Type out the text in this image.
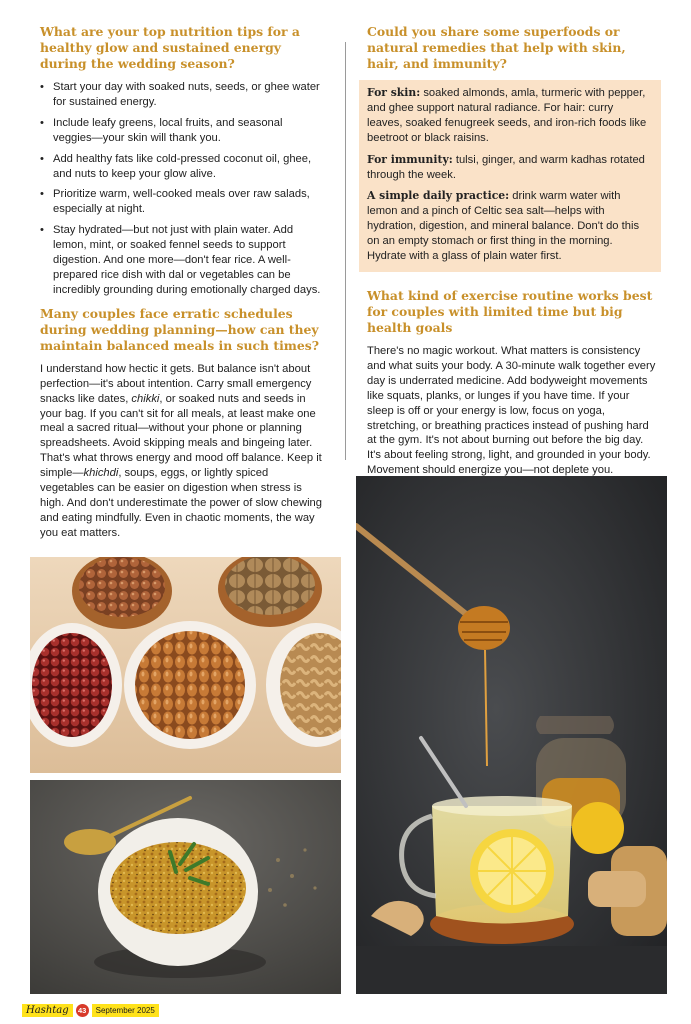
What are your top nutrition tips for a healthy glow and sustained energy during the wedding season?
• Start your day with soaked nuts, seeds, or ghee water for sustained energy.
• Include leafy greens, local fruits, and seasonal veggies—your skin will thank you.
• Add healthy fats like cold-pressed coconut oil, ghee, and nuts to keep your glow alive.
• Prioritize warm, well-cooked meals over raw salads, especially at night.
• Stay hydrated—but not just with plain water. Add lemon, mint, or soaked fennel seeds to support digestion. And one more—don't fear rice. A well-prepared rice dish with dal or vegetables can be incredibly grounding during emotionally charged days.
Many couples face erratic schedules during wedding planning—how can they maintain balanced meals in such times?

I understand how hectic it gets. But balance isn't about perfection—it's about intention. Carry small emergency snacks like dates, chikki, or soaked nuts and seeds in your bag. If you can't sit for all meals, at least make one meal a sacred ritual—without your phone or planning spreadsheets. Avoid skipping meals and bingeing later. That's what throws energy and mood off balance. Keep it simple—khichdi, soups, eggs, or lightly spiced vegetables can be easier on digestion when stress is high. And don't underestimate the power of slow chewing and eating mindfully. Even in chaotic moments, the way you eat matters.

Could you share some superfoods or natural remedies that help with skin, hair, and immunity?

For skin: soaked almonds, amla, turmeric with pepper, and ghee support natural radiance. For hair: curry leaves, soaked fenugreek seeds, and iron-rich foods like beetroot or black raisins.

For immunity: tulsi, ginger, and warm kadhas rotated through the week.

A simple daily practice: drink warm water with lemon and a pinch of Celtic sea salt—helps with hydration, digestion, and mineral balance. Don't do this on an empty stomach or first thing in the morning. Hydrate with a glass of plain water first.

What kind of exercise routine works best for couples with limited time but big health goals

There's no magic workout. What matters is consistency and what suits your body. A 30-minute walk together every day is underrated medicine. Add bodyweight movements like squats, planks, or lunges if you have time. If your sleep is off or your energy is low, focus on yoga, stretching, or breathing practices instead of pushing hard at the gym. It's not about burning out before the big day. It's about feeling strong, light, and grounded in your body. Movement should energize you—not deplete you.

Hashtag	43	September 2025
